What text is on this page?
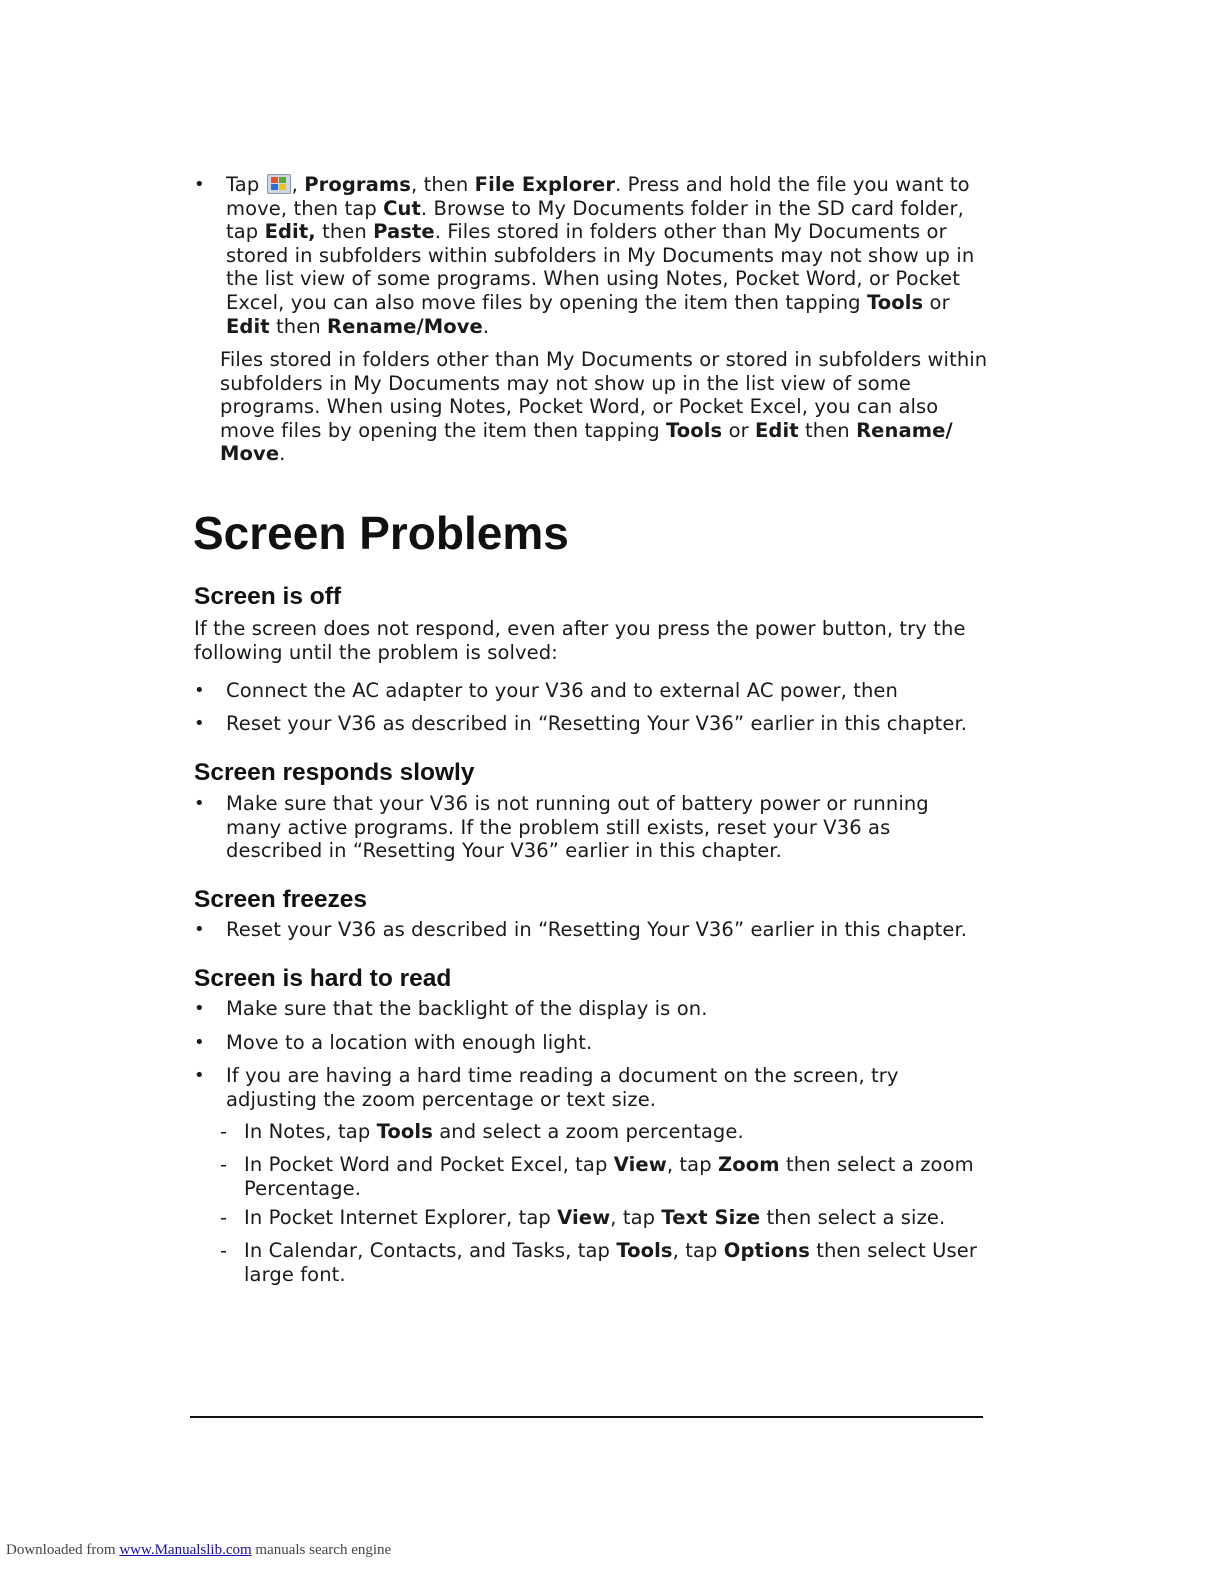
• Tap
, Programs, then File Explorer. Press and hold the file you want to move, then tap Cut. Browse to My Documents folder in the SD card folder, tap Edit, then Paste. Files stored in folders other than My Documents or stored in subfolders within subfolders in My Documents may not show up in the list view of some programs. When using Notes, Pocket Word, or Pocket Excel, you can also move files by opening the item then tapping Tools or Edit then Rename/Move.
Files stored in folders other than My Documents or stored in subfolders within subfolders in My Documents may not show up in the list view of some programs. When using Notes, Pocket Word, or Pocket Excel, you can also move files by opening the item then tapping Tools or Edit then Rename/ Move.
Screen Problems
Screen is off
If the screen does not respond, even after you press the power button, try the following until the problem is solved:
• Connect the AC adapter to your V36 and to external AC power, then
• Reset your V36 as described in “Resetting Your V36” earlier in this chapter.
Screen responds slowly
• Make sure that your V36 is not running out of battery power or running many active programs. If the problem still exists, reset your V36 as described in “Resetting Your V36” earlier in this chapter.
Screen freezes
• Reset your V36 as described in “Resetting Your V36” earlier in this chapter.
Screen is hard to read
• Make sure that the backlight of the display is on.
• Move to a location with enough light.
• If you are having a hard time reading a document on the screen, try adjusting the zoom percentage or text size.
- In Notes, tap Tools and select a zoom percentage.
- In Pocket Word and Pocket Excel, tap View, tap Zoom then select a zoom Percentage.
- In Pocket Internet Explorer, tap View, tap Text Size then select a size.
- In Calendar, Contacts, and Tasks, tap Tools, tap Options then select User large font.
Downloaded from www.Manualslib.com manuals search engine
